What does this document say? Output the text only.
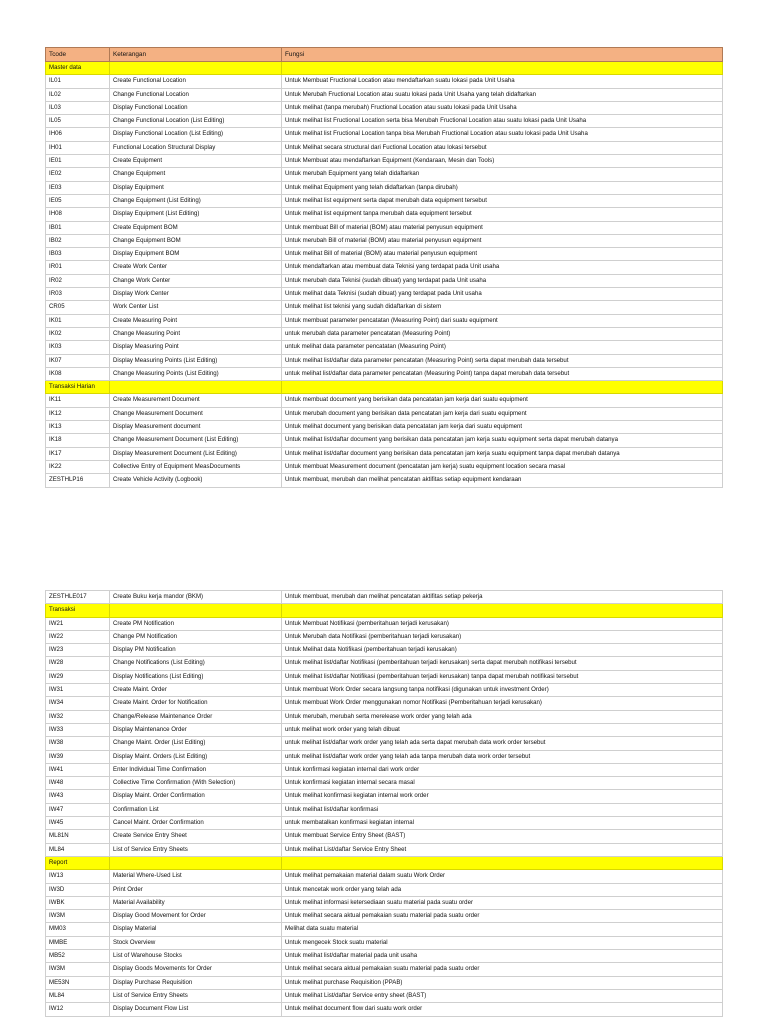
Tcode	Keterangan	Fungsi
Master data		
IL01	Create Functional Location	Untuk Membuat Fructional Location atau mendaftarkan suatu lokasi pada Unit Usaha
IL02	Change Functional Location	Untuk Merubah Fructional Location atau suatu lokasi pada Unit Usaha yang telah didaftarkan
IL03	Display Functional Location	Untuk melihat (tanpa merubah) Fructional Location atau suatu lokasi pada Unit Usaha
IL05	Change Functional Location (List Editing)	Untuk melihat list Fructional Location serta bisa Merubah Fructional Location atau suatu lokasi pada Unit Usaha
IH06	Display Functional Location (List Editing)	Untuk melihat list Fructional Location tanpa bisa Merubah Fructional Location atau suatu lokasi pada Unit Usaha
IH01	Functional Location Structural Display	Untuk Melihat secara structural dari Fuctional Location atau lokasi tersebut
IE01	Create Equipment	Untuk Membuat atau mendaftarkan Equipment (Kendaraan, Mesin dan Tools)
IE02	Change Equipment	Untuk merubah Equipment yang telah didaftarkan
IE03	Display Equipment	Untuk melihat Equipment yang telah didaftarkan (tanpa dirubah)
IE05	Change Equipment (List Editing)	Untuk melihat list equipment serta dapat merubah data equipment tersebut
IH08	Display Equipment (List Editing)	Untuk melihat list equipment tanpa merubah data equipment tersebut
IB01	Create Equipment BOM	Untuk membuat Bill of material (BOM) atau material penyusun equipment
IB02	Change Equipment BOM	Untuk merubah Bill of material (BOM) atau material penyusun equipment
IB03	Display Equipment BOM	Untuk melihat Bill of material (BOM) atau material penyusun equipment
IR01	Create Work Center	Untuk mendaftarkan atau membuat data Teknisi yang terdapat pada Unit usaha
IR02	Change Work Center	Untuk merubah data Teknisi (sudah dibuat) yang terdapat pada Unit usaha
IR03	Display Work Center	Untuk melihat data Teknisi (sudah dibuat) yang terdapat pada Unit usaha
CR05	Work Center List	Untuk melihat list teknisi yang sudah didaftarkan di sistem
IK01	Create Measuring Point	Untuk membuat parameter pencatatan (Measuring Point) dari suatu equipment
IK02	Change Measuring Point	untuk merubah data parameter pencatatan (Measuring Point)
IK03	Display Measuring Point	untuk melihat data parameter pencatatan (Measuring Point)
IK07	Display Measuring Points (List Editing)	Untuk melihat list/daftar data parameter pencatatan (Measuring Point) serta dapat merubah data tersebut
IK08	Change Measuring Points (List Editing)	untuk melihat list/daftar data parameter pencatatan (Measuring Point) tanpa dapat merubah data tersebut
Transaksi Harian		
IK11	Create Measurement Document	Untuk membuat document yang berisikan data pencatatan jam kerja dari suatu equipment
IK12	Change Measurement Document	Untuk merubah document yang berisikan data pencatatan jam kerja dari suatu equipment
IK13	Display Measurement document	Untuk melihat document yang berisikan data pencatatan jam kerja dari suatu equipment
IK18	Change Measurement Document (List Editing)	Untuk melihat list/daftar document yang berisikan data pencatatan jam kerja suatu equipment serta dapat merubah datanya
IK17	Display Measurement Document (List Editing)	Untuk melihat list/daftar document yang berisikan data pencatatan jam kerja suatu equipment tanpa dapat merubah datanya
IK22	Collective Entry of Equipment MeasDocuments	Untuk membuat Measurement document (pencatatan jam kerja) suatu equipment location secara masal
ZESTHLP16	Create Vehicle Activity (Logbook)	Untuk membuat, merubah dan melihat pencatatan aktifitas setiap equipment kendaraan
ZESTHLE017	Create Buku kerja mandor (BKM)	Untuk membuat, merubah dan melihat pencatatan aktifitas setiap pekerja
Transaksi		
IW21	Create PM Notification	Untuk Membuat Notifikasi (pemberitahuan terjadi kerusakan)
IW22	Change PM Notification	Untuk Merubah data Notifikasi (pemberitahuan terjadi kerusakan)
IW23	Display PM Notification	Untuk Melihat data Notifikasi (pemberitahuan terjadi kerusakan)
IW28	Change Notifications (List Editing)	Untuk melihat list/daftar Notifikasi (pemberitahuan terjadi kerusakan) serta dapat merubah notifikasi tersebut
IW29	Display Notifications (List Editing)	Untuk melihat list/daftar Notifikasi (pemberitahuan terjadi kerusakan) tanpa dapat merubah notifikasi tersebut
IW31	Create Maint. Order	Untuk membuat Work Order secara langsung tanpa notifikasi (digunakan untuk investment Order)
IW34	Create Maint. Order for Notification	Untuk membuat Work Order menggunakan nomor Notifikasi (Pemberitahuan terjadi kerusakan)
IW32	Change/Release Maintenance Order	Untuk merubah, merubah serta merelease work order yang telah ada
IW33	Display Maintenance Order	untuk melihat work order yang telah dibuat
IW38	Change Maint. Order (List Editing)	untuk melihat list/daftar work order yang telah ada serta dapat merubah data work order tersebut
IW39	Display Maint. Orders (List Editing)	untuk melihat list/daftar work order yang telah ada tanpa merubah data work order tersebut
IW41	Enter Individual Time Confirmation	Untuk konfirmasi kegiatan internal dari work order
IW48	Collective Time Confirmation (With Selection)	Untuk konfirmasi kegiatan internal secara masal
IW43	Display Maint. Order Confirmation	Untuk melihat konfirmasi kegiatan internal work order
IW47	Confirmation List	Untuk melihat list/daftar konfirmasi
IW45	Cancel Maint. Order Confirmation	untuk membatalkan konfirmasi kegiatan internal
ML81N	Create Service Entry Sheet	Untuk membuat Service Entry Sheet (BAST)
ML84	List of Service Entry Sheets	Untuk melihat List/daftar Service Entry Sheet
Report		
IW13	Material Where-Used List	Untuk melihat pemakaian material dalam suatu Work Order
IW3D	Print Order	Untuk mencetak work order yang telah ada
IWBK	Material Availability	Untuk melihat informasi ketersediaan suatu material pada suatu order
IW3M	Display Good Movement for Order	Untuk melihat secara aktual pemakaian suatu material pada suatu order
MM03	Display Material	Melihat data suatu material
MMBE	Stock Overview	Untuk mengecek Stock suatu material
MB52	List of Warehouse Stocks	Untuk melihat list/daftar material pada unit usaha
IW3M	Display Goods Movements for Order	Untuk melihat secara aktual pemakaian suatu material pada suatu order
ME53N	Display Purchase Requisition	Untuk melihat purchase Requisition (PPAB)
ML84	List of Service Entry Sheets	Untuk melihat List/daftar Service entry sheet (BAST)
IW12	Display Document Flow List	Untuk melihat document flow dari suatu work order
